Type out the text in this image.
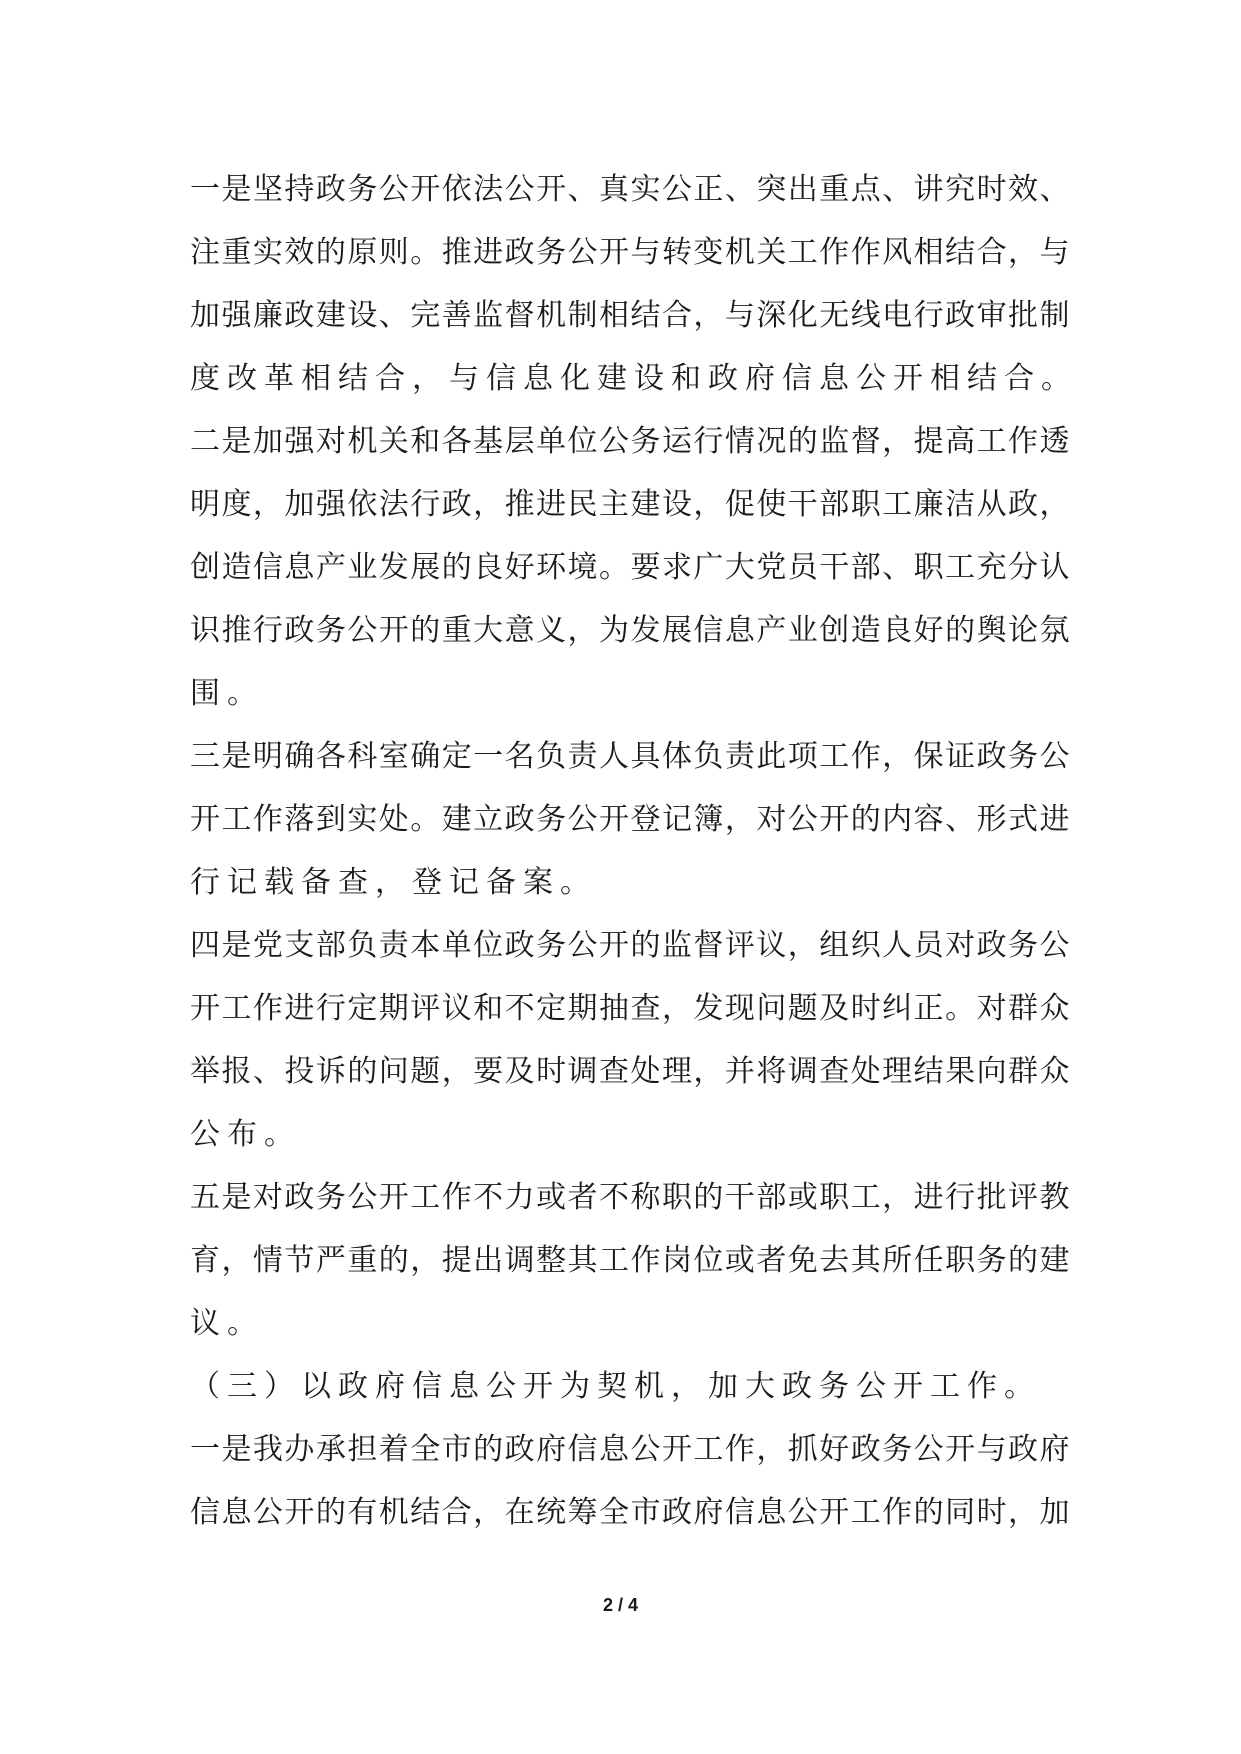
一是坚持政务公开依法公开、真实公正、突出重点、讲究时效、
注重实效的原则。推进政务公开与转变机关工作作风相结合，与
加强廉政建设、完善监督机制相结合，与深化无线电行政审批制
度改革相结合，与信息化建设和政府信息公开相结合。
二是加强对机关和各基层单位公务运行情况的监督，提高工作透
明度，加强依法行政，推进民主建设，促使干部职工廉洁从政，
创造信息产业发展的良好环境。要求广大党员干部、职工充分认
识推行政务公开的重大意义，为发展信息产业创造良好的舆论氛
围。
三是明确各科室确定一名负责人具体负责此项工作，保证政务公
开工作落到实处。建立政务公开登记簿，对公开的内容、形式进
行记载备查，登记备案。
四是党支部负责本单位政务公开的监督评议，组织人员对政务公
开工作进行定期评议和不定期抽查，发现问题及时纠正。对群众
举报、投诉的问题，要及时调查处理，并将调查处理结果向群众
公布。
五是对政务公开工作不力或者不称职的干部或职工，进行批评教
育，情节严重的，提出调整其工作岗位或者免去其所任职务的建
议。
（三）以政府信息公开为契机，加大政务公开工作。
一是我办承担着全市的政府信息公开工作，抓好政务公开与政府
信息公开的有机结合，在统筹全市政府信息公开工作的同时，加
2 / 4
